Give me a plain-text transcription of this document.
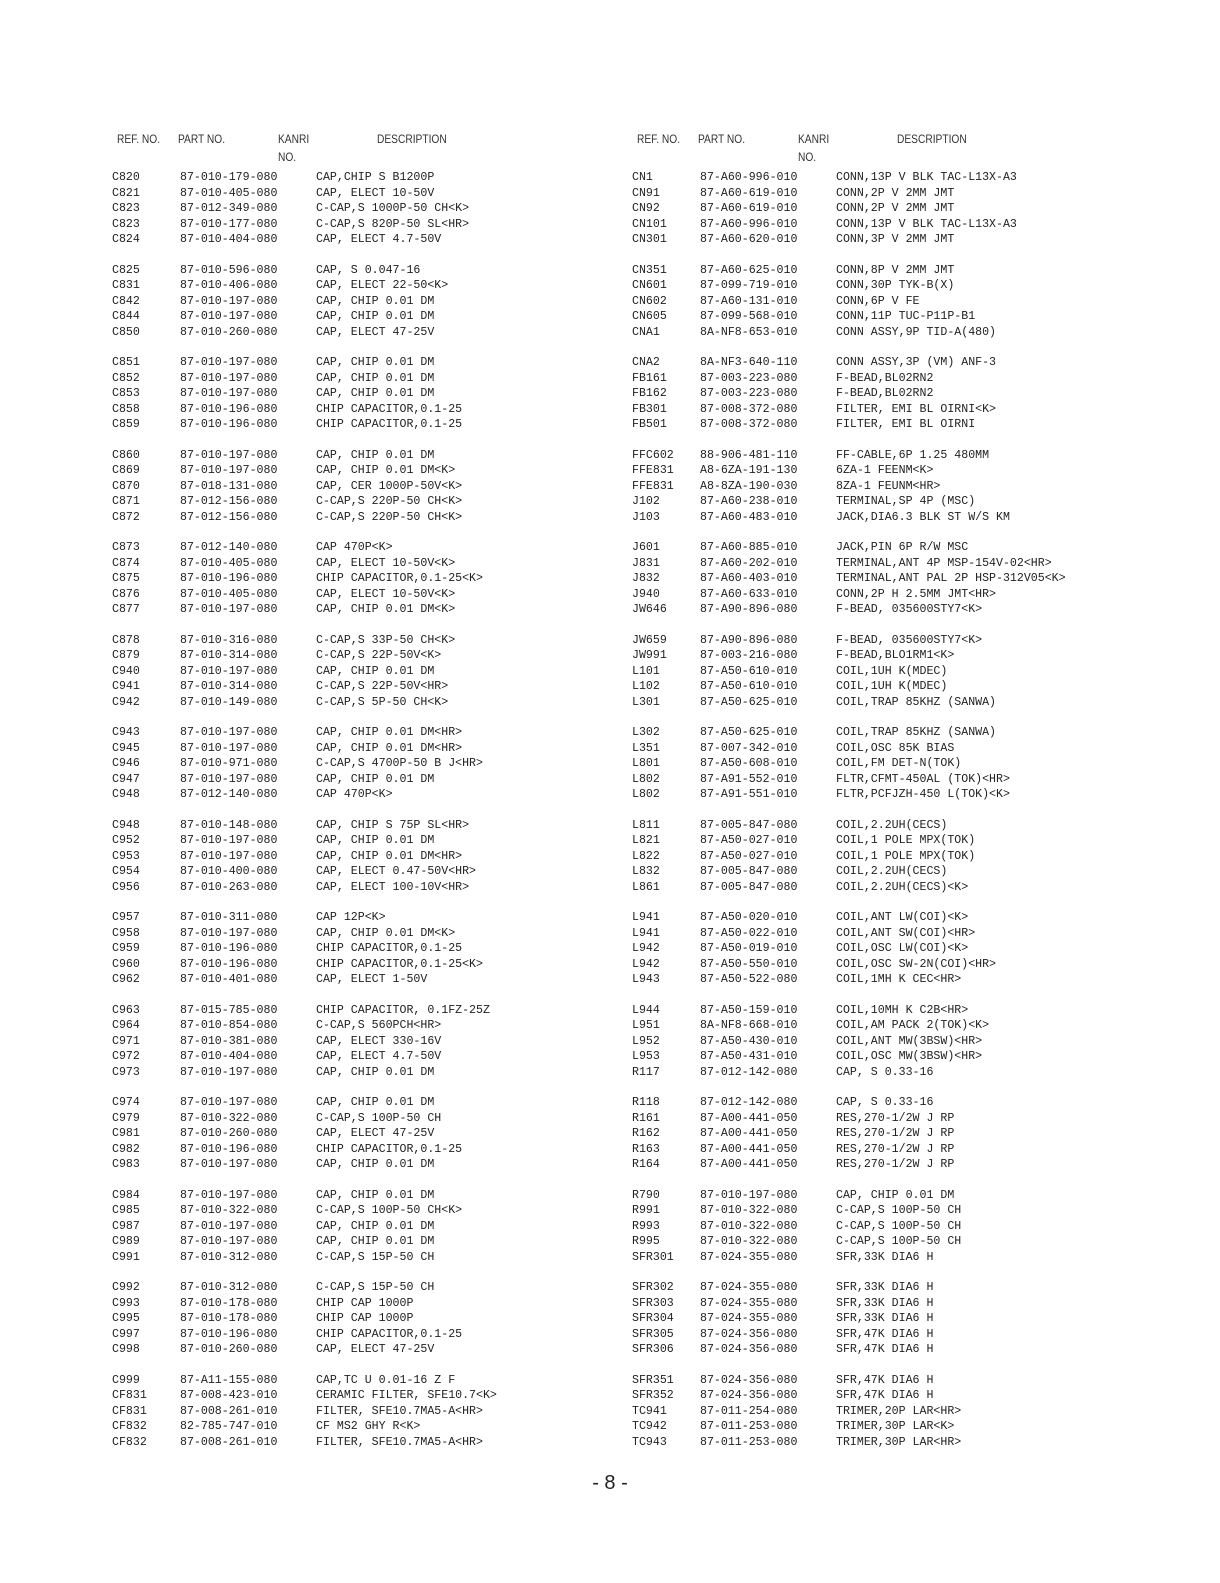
REF. NO. PART NO.	KANRI
NO.
DESCRIPTION
C820	87-010-179-080	CAP,CHIP S B1200P
C821	87-010-405-080	CAP, ELECT 10-50V
C823	87-012-349-080	C-CAP,S 1000P-50 CH<K>
C823	87-010-177-080	C-CAP,S 820P-50 SL<HR>
C824	87-010-404-080	CAP, ELECT 4.7-50V
C825	87-010-596-080	CAP, S 0.047-16
C831	87-010-406-080	CAP, ELECT 22-50<K>
C842	87-010-197-080	CAP, CHIP 0.01 DM
C844	87-010-197-080	CAP, CHIP 0.01 DM
C850	87-010-260-080	CAP, ELECT 47-25V
C851	87-010-197-080	CAP, CHIP 0.01 DM
C852	87-010-197-080	CAP, CHIP 0.01 DM
C853	87-010-197-080	CAP, CHIP 0.01 DM
C858	87-010-196-080	CHIP CAPACITOR,0.1-25
C859	87-010-196-080	CHIP CAPACITOR,0.1-25
C860	87-010-197-080	CAP, CHIP 0.01 DM
C869	87-010-197-080	CAP, CHIP 0.01 DM<K>
C870	87-018-131-080	CAP, CER 1000P-50V<K>
C871	87-012-156-080	C-CAP,S 220P-50 CH<K>
C872	87-012-156-080	C-CAP,S 220P-50 CH<K>
C873	87-012-140-080	CAP 470P<K>
C874	87-010-405-080	CAP, ELECT 10-50V<K>
C875	87-010-196-080	CHIP CAPACITOR,0.1-25<K>
C876	87-010-405-080	CAP, ELECT 10-50V<K>
C877	87-010-197-080	CAP, CHIP 0.01 DM<K>
C878	87-010-316-080	C-CAP,S 33P-50 CH<K>
C879	87-010-314-080	C-CAP,S 22P-50V<K>
C940	87-010-197-080	CAP, CHIP 0.01 DM
C941	87-010-314-080	C-CAP,S 22P-50V<HR>
C942	87-010-149-080	C-CAP,S 5P-50 CH<K>
C943	87-010-197-080	CAP, CHIP 0.01 DM<HR>
C945	87-010-197-080	CAP, CHIP 0.01 DM<HR>
C946	87-010-971-080	C-CAP,S 4700P-50 B J<HR>
C947	87-010-197-080	CAP, CHIP 0.01 DM
C948	87-012-140-080	CAP 470P<K>
C948	87-010-148-080	CAP, CHIP S 75P SL<HR>
C952	87-010-197-080	CAP, CHIP 0.01 DM
C953	87-010-197-080	CAP, CHIP 0.01 DM<HR>
C954	87-010-400-080	CAP, ELECT 0.47-50V<HR>
C956	87-010-263-080	CAP, ELECT 100-10V<HR>
C957	87-010-311-080	CAP 12P<K>
C958	87-010-197-080	CAP, CHIP 0.01 DM<K>
C959	87-010-196-080	CHIP CAPACITOR,0.1-25
C960	87-010-196-080	CHIP CAPACITOR,0.1-25<K>
C962	87-010-401-080	CAP, ELECT 1-50V
C963	87-015-785-080	CHIP CAPACITOR, 0.1FZ-25Z
C964	87-010-854-080	C-CAP,S 560PCH<HR>
C971	87-010-381-080	CAP, ELECT 330-16V
C972	87-010-404-080	CAP, ELECT 4.7-50V
C973	87-010-197-080	CAP, CHIP 0.01 DM
C974	87-010-197-080	CAP, CHIP 0.01 DM
C979	87-010-322-080	C-CAP,S 100P-50 CH
C981	87-010-260-080	CAP, ELECT 47-25V
C982	87-010-196-080	CHIP CAPACITOR,0.1-25
C983	87-010-197-080	CAP, CHIP 0.01 DM
C984	87-010-197-080	CAP, CHIP 0.01 DM
C985	87-010-322-080	C-CAP,S 100P-50 CH<K>
C987	87-010-197-080	CAP, CHIP 0.01 DM
C989	87-010-197-080	CAP, CHIP 0.01 DM
C991	87-010-312-080	C-CAP,S 15P-50 CH
C992	87-010-312-080	C-CAP,S 15P-50 CH
C993	87-010-178-080	CHIP CAP 1000P
C995	87-010-178-080	CHIP CAP 1000P
C997	87-010-196-080	CHIP CAPACITOR,0.1-25
C998	87-010-260-080	CAP, ELECT 47-25V
C999	87-A11-155-080	CAP,TC U 0.01-16 Z F
CF831	87-008-423-010	CERAMIC FILTER, SFE10.7<K>
CF831	87-008-261-010	FILTER, SFE10.7MA5-A<HR>
CF832	82-785-747-010	CF MS2 GHY R<K>
CF832	87-008-261-010	FILTER, SFE10.7MA5-A<HR>
REF. NO. PART NO.	KANRI
NO.
DESCRIPTION
CN1	87-A60-996-010	CONN,13P V BLK TAC-L13X-A3
CN91	87-A60-619-010	CONN,2P V 2MM JMT
CN92	87-A60-619-010	CONN,2P V 2MM JMT
CN101	87-A60-996-010	CONN,13P V BLK TAC-L13X-A3
CN301	87-A60-620-010	CONN,3P V 2MM JMT
CN351	87-A60-625-010	CONN,8P V 2MM JMT
CN601	87-099-719-010	CONN,30P TYK-B(X)
CN602	87-A60-131-010	CONN,6P V FE
CN605	87-099-568-010	CONN,11P TUC-P11P-B1
CNA1	8A-NF8-653-010	CONN ASSY,9P TID-A(480)
CNA2	8A-NF3-640-110	CONN ASSY,3P (VM) ANF-3
FB161	87-003-223-080	F-BEAD,BL02RN2
FB162	87-003-223-080	F-BEAD,BL02RN2
FB301	87-008-372-080	FILTER, EMI BL OIRNI<K>
FB501	87-008-372-080	FILTER, EMI BL OIRNI
FFC602 88-906-481-110	FF-CABLE,6P 1.25 480MM
FFE831 A8-6ZA-191-130	6ZA-1 FEENM<K>
FFE831 A8-8ZA-190-030	8ZA-1 FEUNM<HR>
J102	87-A60-238-010	TERMINAL,SP 4P (MSC)
J103	87-A60-483-010	JACK,DIA6.3 BLK ST W/S KM
J601	87-A60-885-010	JACK,PIN 6P R/W MSC
J831	87-A60-202-010	TERMINAL,ANT 4P MSP-154V-02<HR>
J832	87-A60-403-010	TERMINAL,ANT PAL 2P HSP-312V05<K>
J940	87-A60-633-010	CONN,2P H 2.5MM JMT<HR>
JW646	87-A90-896-080	F-BEAD, 035600STY7<K>
JW659	87-A90-896-080	F-BEAD, 035600STY7<K>
JW991	87-003-216-080	F-BEAD,BLO1RM1<K>
L101	87-A50-610-010	COIL,1UH K(MDEC)
L102	87-A50-610-010	COIL,1UH K(MDEC)
L301	87-A50-625-010	COIL,TRAP 85KHZ (SANWA)
L302	87-A50-625-010	COIL,TRAP 85KHZ (SANWA)
L351	87-007-342-010	COIL,OSC 85K BIAS
L801	87-A50-608-010	COIL,FM DET-N(TOK)
L802	87-A91-552-010	FLTR,CFMT-450AL (TOK)<HR>
L802	87-A91-551-010	FLTR,PCFJZH-450 L(TOK)<K>
L811	87-005-847-080	COIL,2.2UH(CECS)
L821	87-A50-027-010	COIL,1 POLE MPX(TOK)
L822	87-A50-027-010	COIL,1 POLE MPX(TOK)
L832	87-005-847-080	COIL,2.2UH(CECS)
L861	87-005-847-080	COIL,2.2UH(CECS)<K>
L941	87-A50-020-010	COIL,ANT LW(COI)<K>
L941	87-A50-022-010	COIL,ANT SW(COI)<HR>
L942	87-A50-019-010	COIL,OSC LW(COI)<K>
L942	87-A50-550-010	COIL,OSC SW-2N(COI)<HR>
L943	87-A50-522-080	COIL,1MH K CEC<HR>
L944	87-A50-159-010	COIL,10MH K C2B<HR>
L951	8A-NF8-668-010	COIL,AM PACK 2(TOK)<K>
L952	87-A50-430-010	COIL,ANT MW(3BSW)<HR>
L953	87-A50-431-010	COIL,OSC MW(3BSW)<HR>
R117	87-012-142-080	CAP, S 0.33-16
R118	87-012-142-080	CAP, S 0.33-16
R161	87-A00-441-050	RES,270-1/2W J RP
R162	87-A00-441-050	RES,270-1/2W J RP
R163	87-A00-441-050	RES,270-1/2W J RP
R164	87-A00-441-050	RES,270-1/2W J RP
R790	87-010-197-080	CAP, CHIP 0.01 DM
R991	87-010-322-080	C-CAP,S 100P-50 CH
R993	87-010-322-080	C-CAP,S 100P-50 CH
R995	87-010-322-080	C-CAP,S 100P-50 CH
SFR301 87-024-355-080	SFR,33K DIA6 H
SFR302 87-024-355-080	SFR,33K DIA6 H
SFR303 87-024-355-080	SFR,33K DIA6 H
SFR304 87-024-355-080	SFR,33K DIA6 H
SFR305 87-024-356-080	SFR,47K DIA6 H
SFR306 87-024-356-080	SFR,47K DIA6 H
SFR351 87-024-356-080	SFR,47K DIA6 H
SFR352 87-024-356-080	SFR,47K DIA6 H
TC941	87-011-254-080	TRIMER,20P LAR<HR>
TC942	87-011-253-080	TRIMER,30P LAR<K>
TC943	87-011-253-080	TRIMER,30P LAR<HR>
- 8 -
